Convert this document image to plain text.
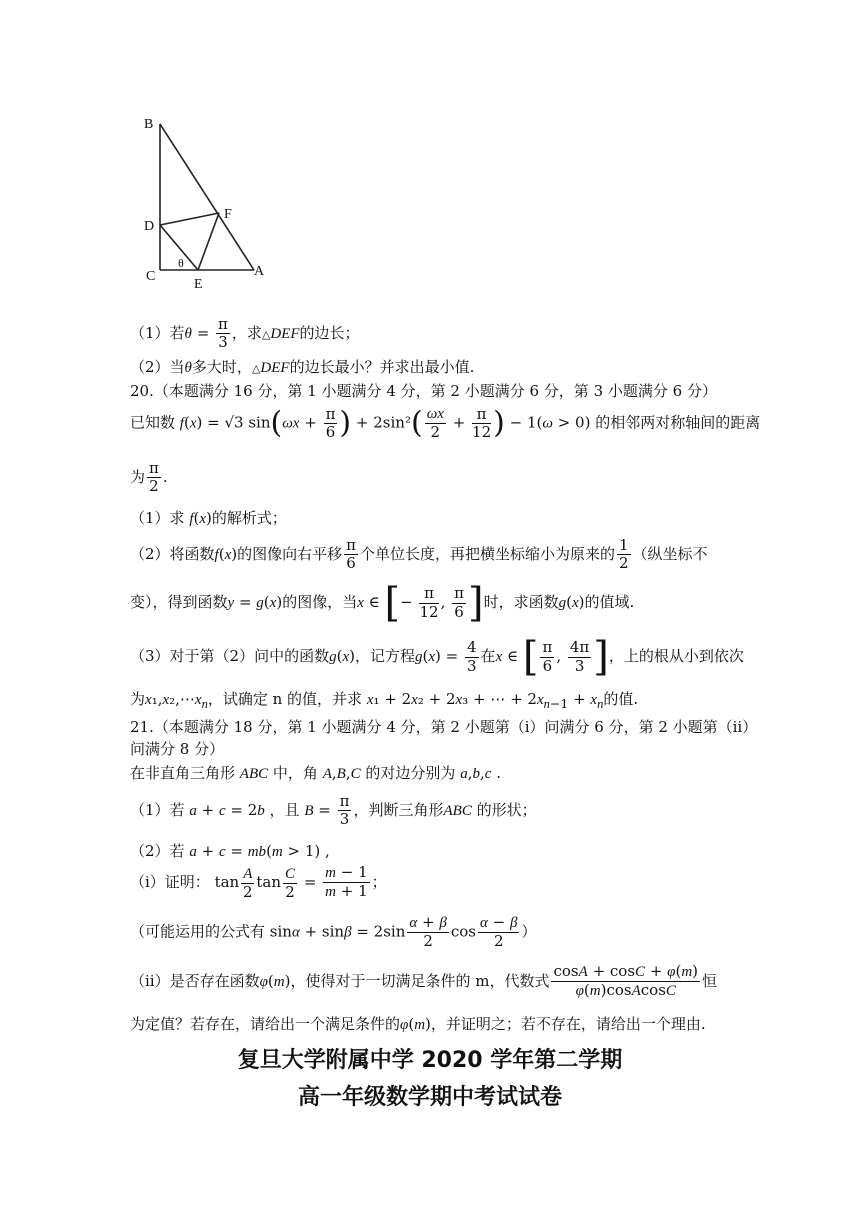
B
D
C
E
F
A
θ
（1）若$\theta = \frac{\pi}{3}$ ，求△DEF的边长；
（2）当θ多大时，△DEF的边长最小？并求出最小值.
20.（本题满分 16 分，第 1 小题满分 4 分，第 2 小题满分 6 分，第 3 小题满分 6 分）
已知数 f(x) = √3 $\sin(\omega x + \frac{\pi}{6}$ ) + $2\sin^2( \frac{\omega x}{2} + \frac{\pi}{12}$ ) − 1(ω > 0) 的相邻两对称轴间的距离
为 $\frac{\pi}{2}$ .
（1）求 f(x)的解析式；
（2）将函数f(x)的图像向右平移 $\frac{\pi}{6}$ 个单位长度，再把横坐标缩小为原来的 $\frac{1}{2}$ （纵坐标不
变），得到函数y = g(x)的图像，当x ∈ [− $\frac{\pi}{12}$ , $\frac{\pi}{6}$ ]时，求函数g(x)的值域.
（3）对于第（2）问中的函数g(x)，记方程$g(x) = \frac{4}{3}$ 在x ∈ [ $\frac{\pi}{6}$ , $\frac{4\pi}{3}$ ]，上的根从小到依次
为$x_1,x_2,\cdots x_n$，试确定 n 的值，并求 x₁ + 2x₂ + 2x₃ + ⋯ + $2x_{n-1} + x_n$的值.
21.（本题满分 18 分，第 1 小题满分 4 分，第 2 小题第（ⅰ）问满分 6 分，第 2 小题第（ⅱ）
问满分 8 分）
在非直角三角形 ABC 中，角 A,B,C 的对边分别为 a,b,c .
（1）若 a + c = 2b ，且 $B = \frac{\pi}{3}$ ，判断三角形ABC 的形状；
（2）若 a + c = mb(m > 1) ,
（ⅰ）证明： $\tan \frac{A}{2}$ $\tan \frac{C}{2} = \frac{m - 1}{m + 1}$ ；
（可能运用的公式有 $\sin\alpha + \sin\beta = 2\sin \frac{\alpha + \beta}{2}$ $\cos \frac{\alpha - \beta}{2}$ ）
（ⅱ）是否存在函数φ(m)，使得对于一切满足条件的 m，代数式 $\frac{\cos A + \cos C + \varphi(m)}{\text{φ(m)cosAcosC}}$ 恒
为定值？若存在，请给出一个满足条件的φ(m)，并证明之；若不存在，请给出一个理由.
复旦大学附属中学 2020 学年第二学期
高一年级数学期中考试试卷
